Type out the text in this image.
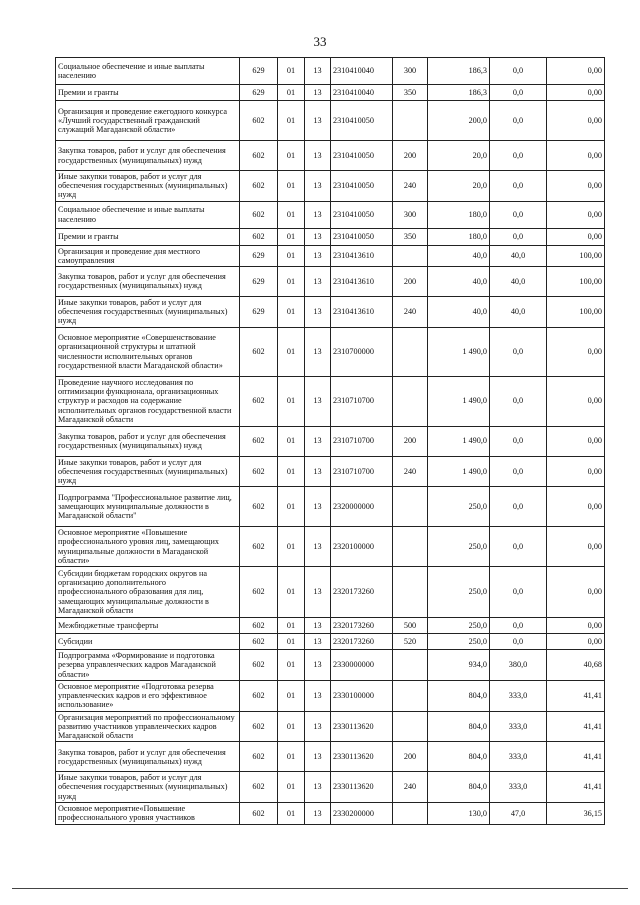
33
Социальное обеспечение и иные выплаты населению	629	01	13	2310410040	300	186,3	0,0	0,00
Премии и гранты	629	01	13	2310410040	350	186,3	0,0	0,00
Организация и проведение ежегодного конкурса «Лучший государственный гражданский служащий Магаданской области»	602	01	13	2310410050		200,0	0,0	0,00
Закупка товаров, работ и услуг для обеспечения государственных (муниципальных) нужд	602	01	13	2310410050	200	20,0	0,0	0,00
Иные закупки товаров, работ и услуг для обеспечения государственных (муниципальных) нужд	602	01	13	2310410050	240	20,0	0,0	0,00
Социальное обеспечение и иные выплаты населению	602	01	13	2310410050	300	180,0	0,0	0,00
Премии и гранты	602	01	13	2310410050	350	180,0	0,0	0,00
Организация и проведение дня местного самоуправления	629	01	13	2310413610		40,0	40,0	100,00
Закупка товаров, работ и услуг для обеспечения государственных (муниципальных) нужд	629	01	13	2310413610	200	40,0	40,0	100,00
Иные закупки товаров, работ и услуг для обеспечения государственных (муниципальных) нужд	629	01	13	2310413610	240	40,0	40,0	100,00
Основное мероприятие «Совершенствование организационной структуры и штатной численности исполнительных органов государственной власти Магаданской области»	602	01	13	2310700000		1 490,0	0,0	0,00
Проведение научного исследования по оптимизации функционала, организационных структур и расходов на содержание исполнительных органов государственной власти Магаданской области	602	01	13	2310710700		1 490,0	0,0	0,00
Закупка товаров, работ и услуг для обеспечения государственных (муниципальных) нужд	602	01	13	2310710700	200	1 490,0	0,0	0,00
Иные закупки товаров, работ и услуг для обеспечения государственных (муниципальных) нужд	602	01	13	2310710700	240	1 490,0	0,0	0,00
Подпрограмма "Профессиональное развитие лиц, замещающих муниципальные должности в Магаданской области"	602	01	13	2320000000		250,0	0,0	0,00
Основное мероприятие «Повышение профессионального уровня лиц, замещающих муниципальные должности в Магаданской области»	602	01	13	2320100000		250,0	0,0	0,00
Субсидии бюджетам городских округов на организацию дополнительного профессионального образования для лиц, замещающих муниципальные должности в Магаданской области	602	01	13	2320173260		250,0	0,0	0,00
Межбюджетные трансферты	602	01	13	2320173260	500	250,0	0,0	0,00
Субсидии	602	01	13	2320173260	520	250,0	0,0	0,00
Подпрограмма «Формирование и подготовка резерва управленческих кадров Магаданской области»	602	01	13	2330000000		934,0	380,0	40,68
Основное мероприятие «Подготовка резерва управленческих кадров и его эффективное использование»	602	01	13	2330100000		804,0	333,0	41,41
Организация мероприятий по профессиональному развитию участников управленческих кадров Магаданской области	602	01	13	2330113620		804,0	333,0	41,41
Закупка товаров, работ и услуг для обеспечения государственных (муниципальных) нужд	602	01	13	2330113620	200	804,0	333,0	41,41
Иные закупки товаров, работ и услуг для обеспечения государственных (муниципальных) нужд	602	01	13	2330113620	240	804,0	333,0	41,41
Основное мероприятие«Повышение профессионального уровня участников	602	01	13	2330200000		130,0	47,0	36,15
